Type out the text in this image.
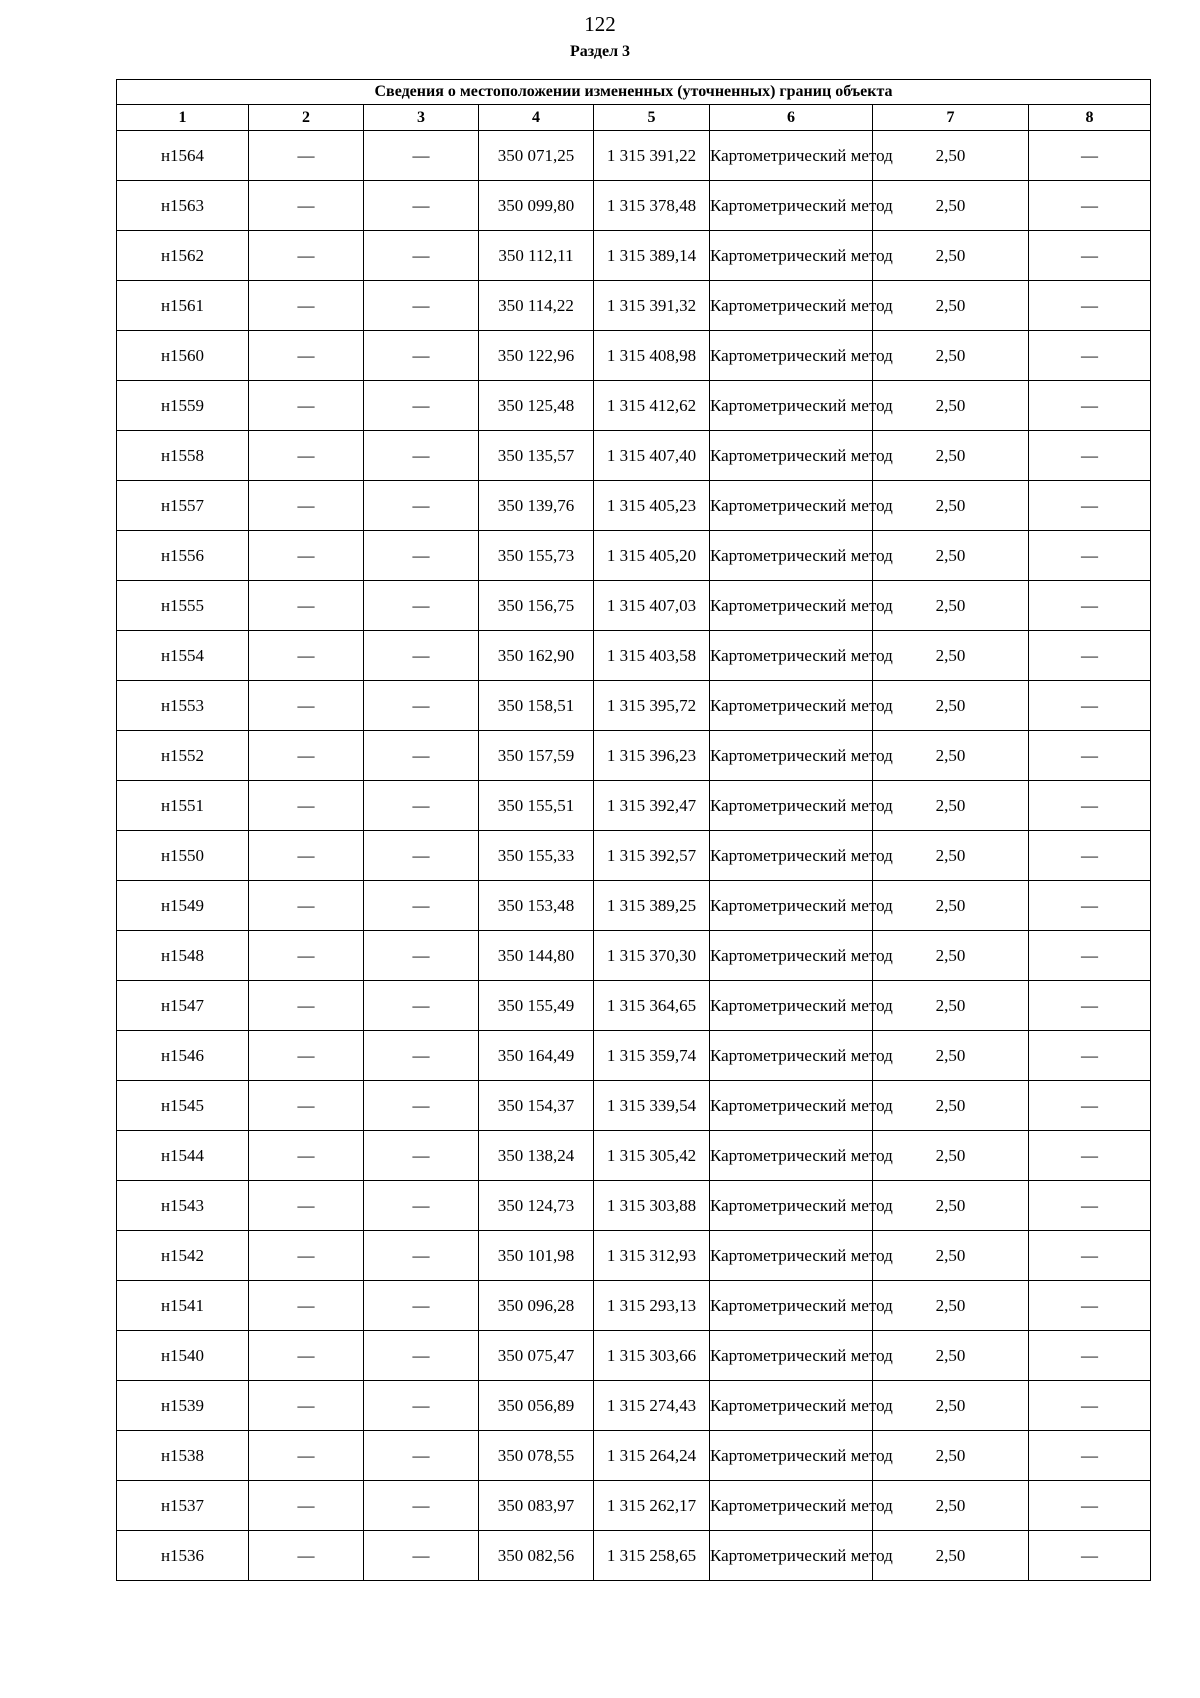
122
Раздел 3
Сведения о местоположении измененных (уточненных) границ объекта							
1	2	3	4	5	6	7	8
н1564	—	—	350 071,25	1 315 391,22	Картометрический метод	2,50	—
н1563	—	—	350 099,80	1 315 378,48	Картометрический метод	2,50	—
н1562	—	—	350 112,11	1 315 389,14	Картометрический метод	2,50	—
н1561	—	—	350 114,22	1 315 391,32	Картометрический метод	2,50	—
н1560	—	—	350 122,96	1 315 408,98	Картометрический метод	2,50	—
н1559	—	—	350 125,48	1 315 412,62	Картометрический метод	2,50	—
н1558	—	—	350 135,57	1 315 407,40	Картометрический метод	2,50	—
н1557	—	—	350 139,76	1 315 405,23	Картометрический метод	2,50	—
н1556	—	—	350 155,73	1 315 405,20	Картометрический метод	2,50	—
н1555	—	—	350 156,75	1 315 407,03	Картометрический метод	2,50	—
н1554	—	—	350 162,90	1 315 403,58	Картометрический метод	2,50	—
н1553	—	—	350 158,51	1 315 395,72	Картометрический метод	2,50	—
н1552	—	—	350 157,59	1 315 396,23	Картометрический метод	2,50	—
н1551	—	—	350 155,51	1 315 392,47	Картометрический метод	2,50	—
н1550	—	—	350 155,33	1 315 392,57	Картометрический метод	2,50	—
н1549	—	—	350 153,48	1 315 389,25	Картометрический метод	2,50	—
н1548	—	—	350 144,80	1 315 370,30	Картометрический метод	2,50	—
н1547	—	—	350 155,49	1 315 364,65	Картометрический метод	2,50	—
н1546	—	—	350 164,49	1 315 359,74	Картометрический метод	2,50	—
н1545	—	—	350 154,37	1 315 339,54	Картометрический метод	2,50	—
н1544	—	—	350 138,24	1 315 305,42	Картометрический метод	2,50	—
н1543	—	—	350 124,73	1 315 303,88	Картометрический метод	2,50	—
н1542	—	—	350 101,98	1 315 312,93	Картометрический метод	2,50	—
н1541	—	—	350 096,28	1 315 293,13	Картометрический метод	2,50	—
н1540	—	—	350 075,47	1 315 303,66	Картометрический метод	2,50	—
н1539	—	—	350 056,89	1 315 274,43	Картометрический метод	2,50	—
н1538	—	—	350 078,55	1 315 264,24	Картометрический метод	2,50	—
н1537	—	—	350 083,97	1 315 262,17	Картометрический метод	2,50	—
н1536	—	—	350 082,56	1 315 258,65	Картометрический метод	2,50	—
